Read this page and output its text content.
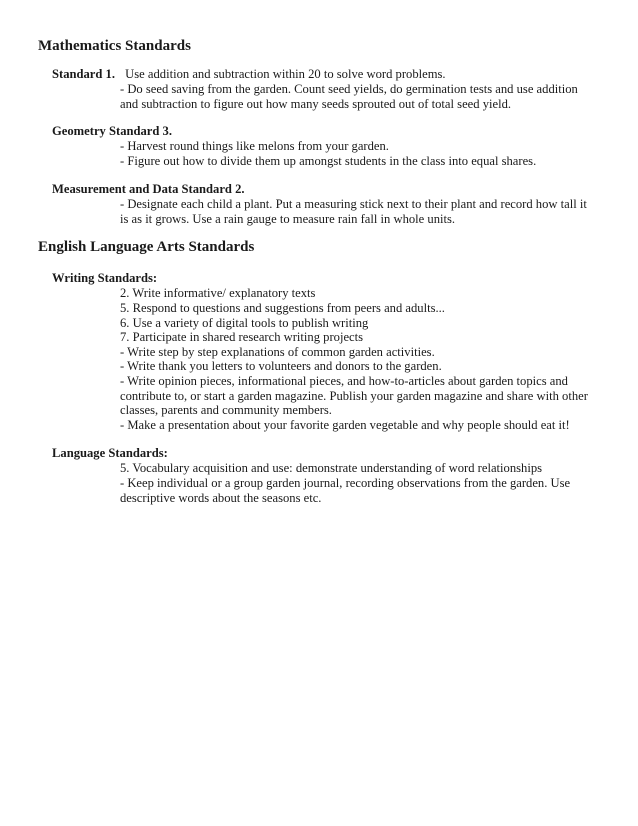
Mathematics Standards
Standard 1. Use addition and subtraction within 20 to solve word problems.
- Do seed saving from the garden. Count seed yields, do germination tests and use addition
and subtraction to figure out how many seeds sprouted out of total seed yield.
Geometry Standard 3.
- Harvest round things like melons from your garden.
- Figure out how to divide them up amongst students in the class into equal shares.
Measurement and Data Standard 2.
- Designate each child a plant. Put a measuring stick next to their plant and record how tall it
is as it grows. Use a rain gauge to measure rain fall in whole units.
English Language Arts Standards
Writing Standards:
2. Write informative/ explanatory texts
5. Respond to questions and suggestions from peers and adults...
6. Use a variety of digital tools to publish writing
7. Participate in shared research writing projects
- Write step by step explanations of common garden activities.
- Write thank you letters to volunteers and donors to the garden.
- Write opinion pieces, informational pieces, and how-to-articles about garden topics and
contribute to, or start a garden magazine. Publish your garden magazine and share with other
classes, parents and community members.
- Make a presentation about your favorite garden vegetable and why people should eat it!
Language Standards:
5. Vocabulary acquisition and use: demonstrate understanding of word relationships
- Keep individual or a group garden journal, recording observations from the garden. Use
descriptive words about the seasons etc.
